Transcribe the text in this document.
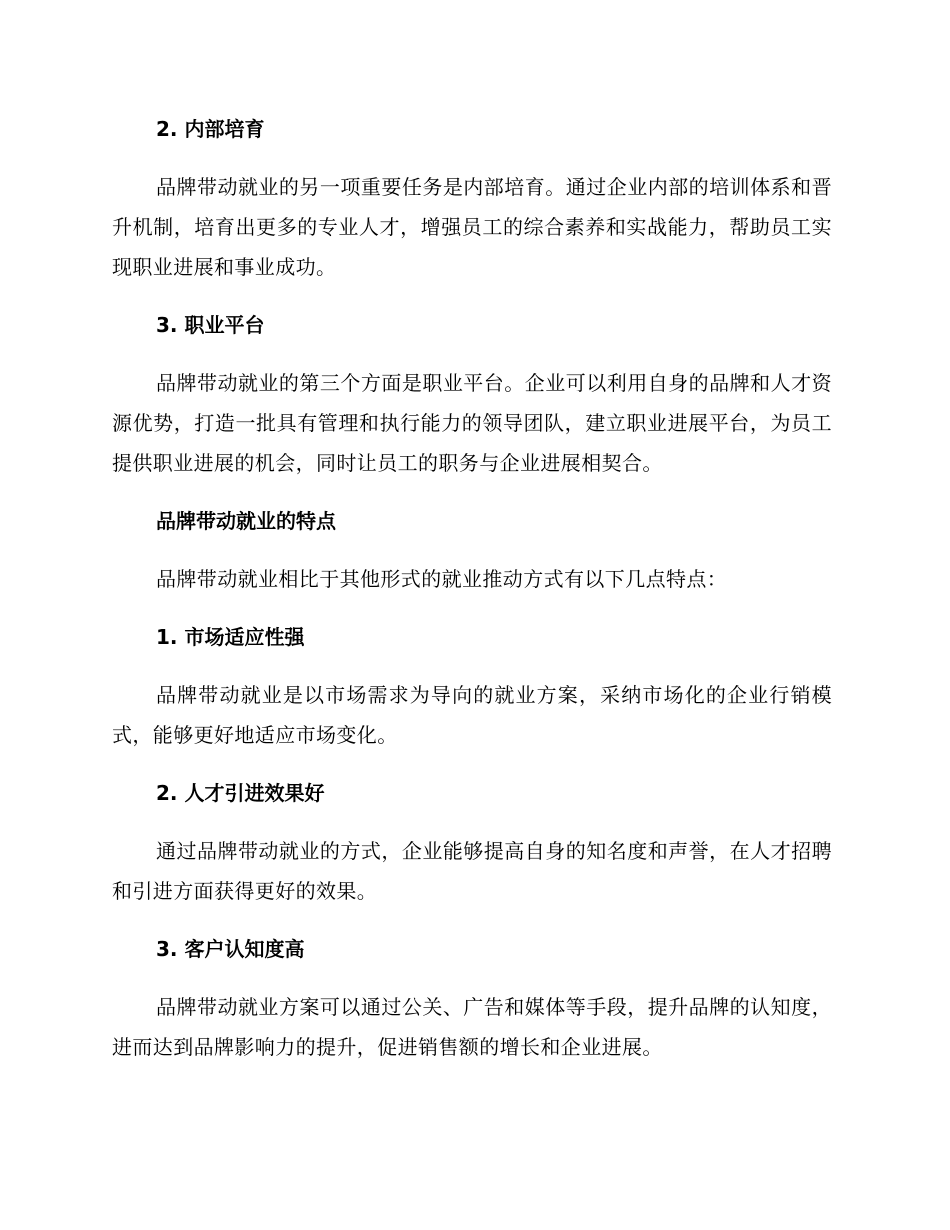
2. 内部培育

品牌带动就业的另一项重要任务是内部培育。通过企业内部的培训体系和晋升机制，培育出更多的专业人才，增强员工的综合素养和实战能力，帮助员工实现职业进展和事业成功。

3. 职业平台

品牌带动就业的第三个方面是职业平台。企业可以利用自身的品牌和人才资源优势，打造一批具有管理和执行能力的领导团队，建立职业进展平台，为员工提供职业进展的机会，同时让员工的职务与企业进展相契合。

品牌带动就业的特点

品牌带动就业相比于其他形式的就业推动方式有以下几点特点：

1. 市场适应性强

品牌带动就业是以市场需求为导向的就业方案，采纳市场化的企业行销模式，能够更好地适应市场变化。

2. 人才引进效果好

通过品牌带动就业的方式，企业能够提高自身的知名度和声誉，在人才招聘和引进方面获得更好的效果。

3. 客户认知度高

品牌带动就业方案可以通过公关、广告和媒体等手段，提升品牌的认知度，进而达到品牌影响力的提升，促进销售额的增长和企业进展。
